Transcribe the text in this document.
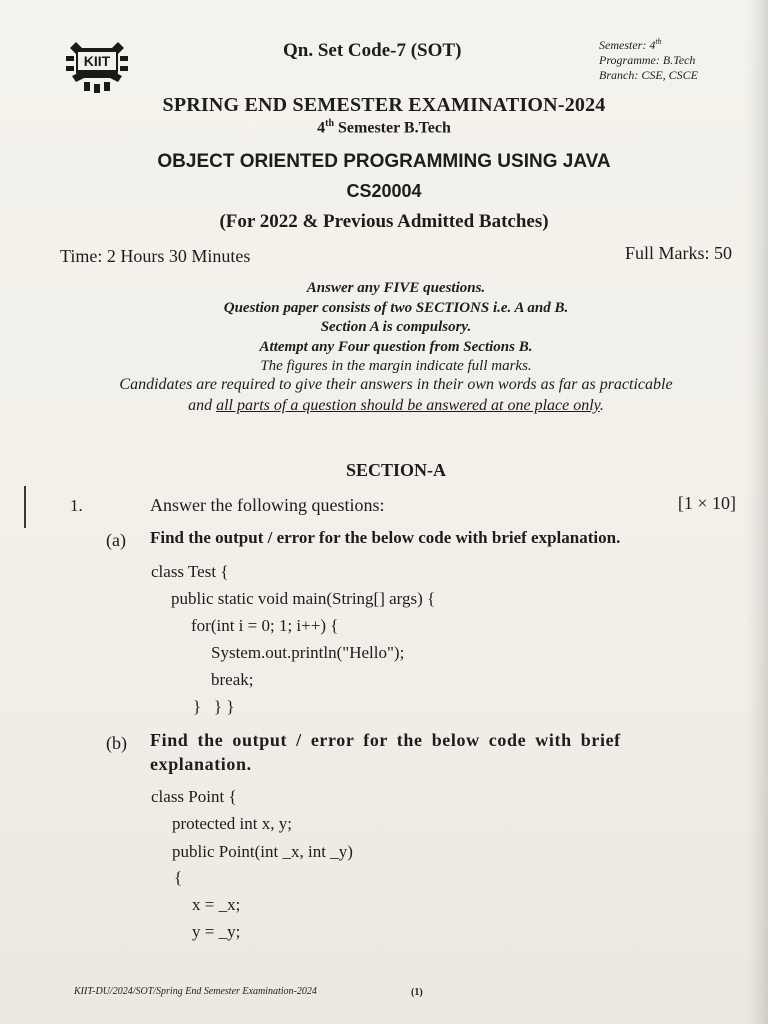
KIIT	Qn. Set Code-7 (SOT)	Semester: 4th
Programme: B.Tech
Branch: CSE, CSCE
SPRING END SEMESTER EXAMINATION-2024
4th Semester B.Tech
OBJECT ORIENTED PROGRAMMING USING JAVA
CS20004
(For 2022 & Previous Admitted Batches)
Time: 2 Hours 30 Minutes	Full Marks: 50
Answer any FIVE questions.
Question paper consists of two SECTIONS i.e. A and B.
Section A is compulsory.
Attempt any Four question from Sections B.
The figures in the margin indicate full marks.
Candidates are required to give their answers in their own words as far as practicable
and all parts of a question should be answered at one place only.
SECTION-A
1.	Answer the following questions:	[1 × 10]
(a) Find the output / error for the below code with brief explanation.
class Test {
public static void main(String[] args) {
for(int i = 0; 1; i++) {
System.out.println("Hello");
break;
}   } }
(b) Find the output / error for the below code with brief explanation.
class Point {
protected int x, y;
public Point(int _x, int _y)
{
x = _x;
y = _y;
KIIT-DU/2024/SOT/Spring End Semester Examination-2024	(1)
